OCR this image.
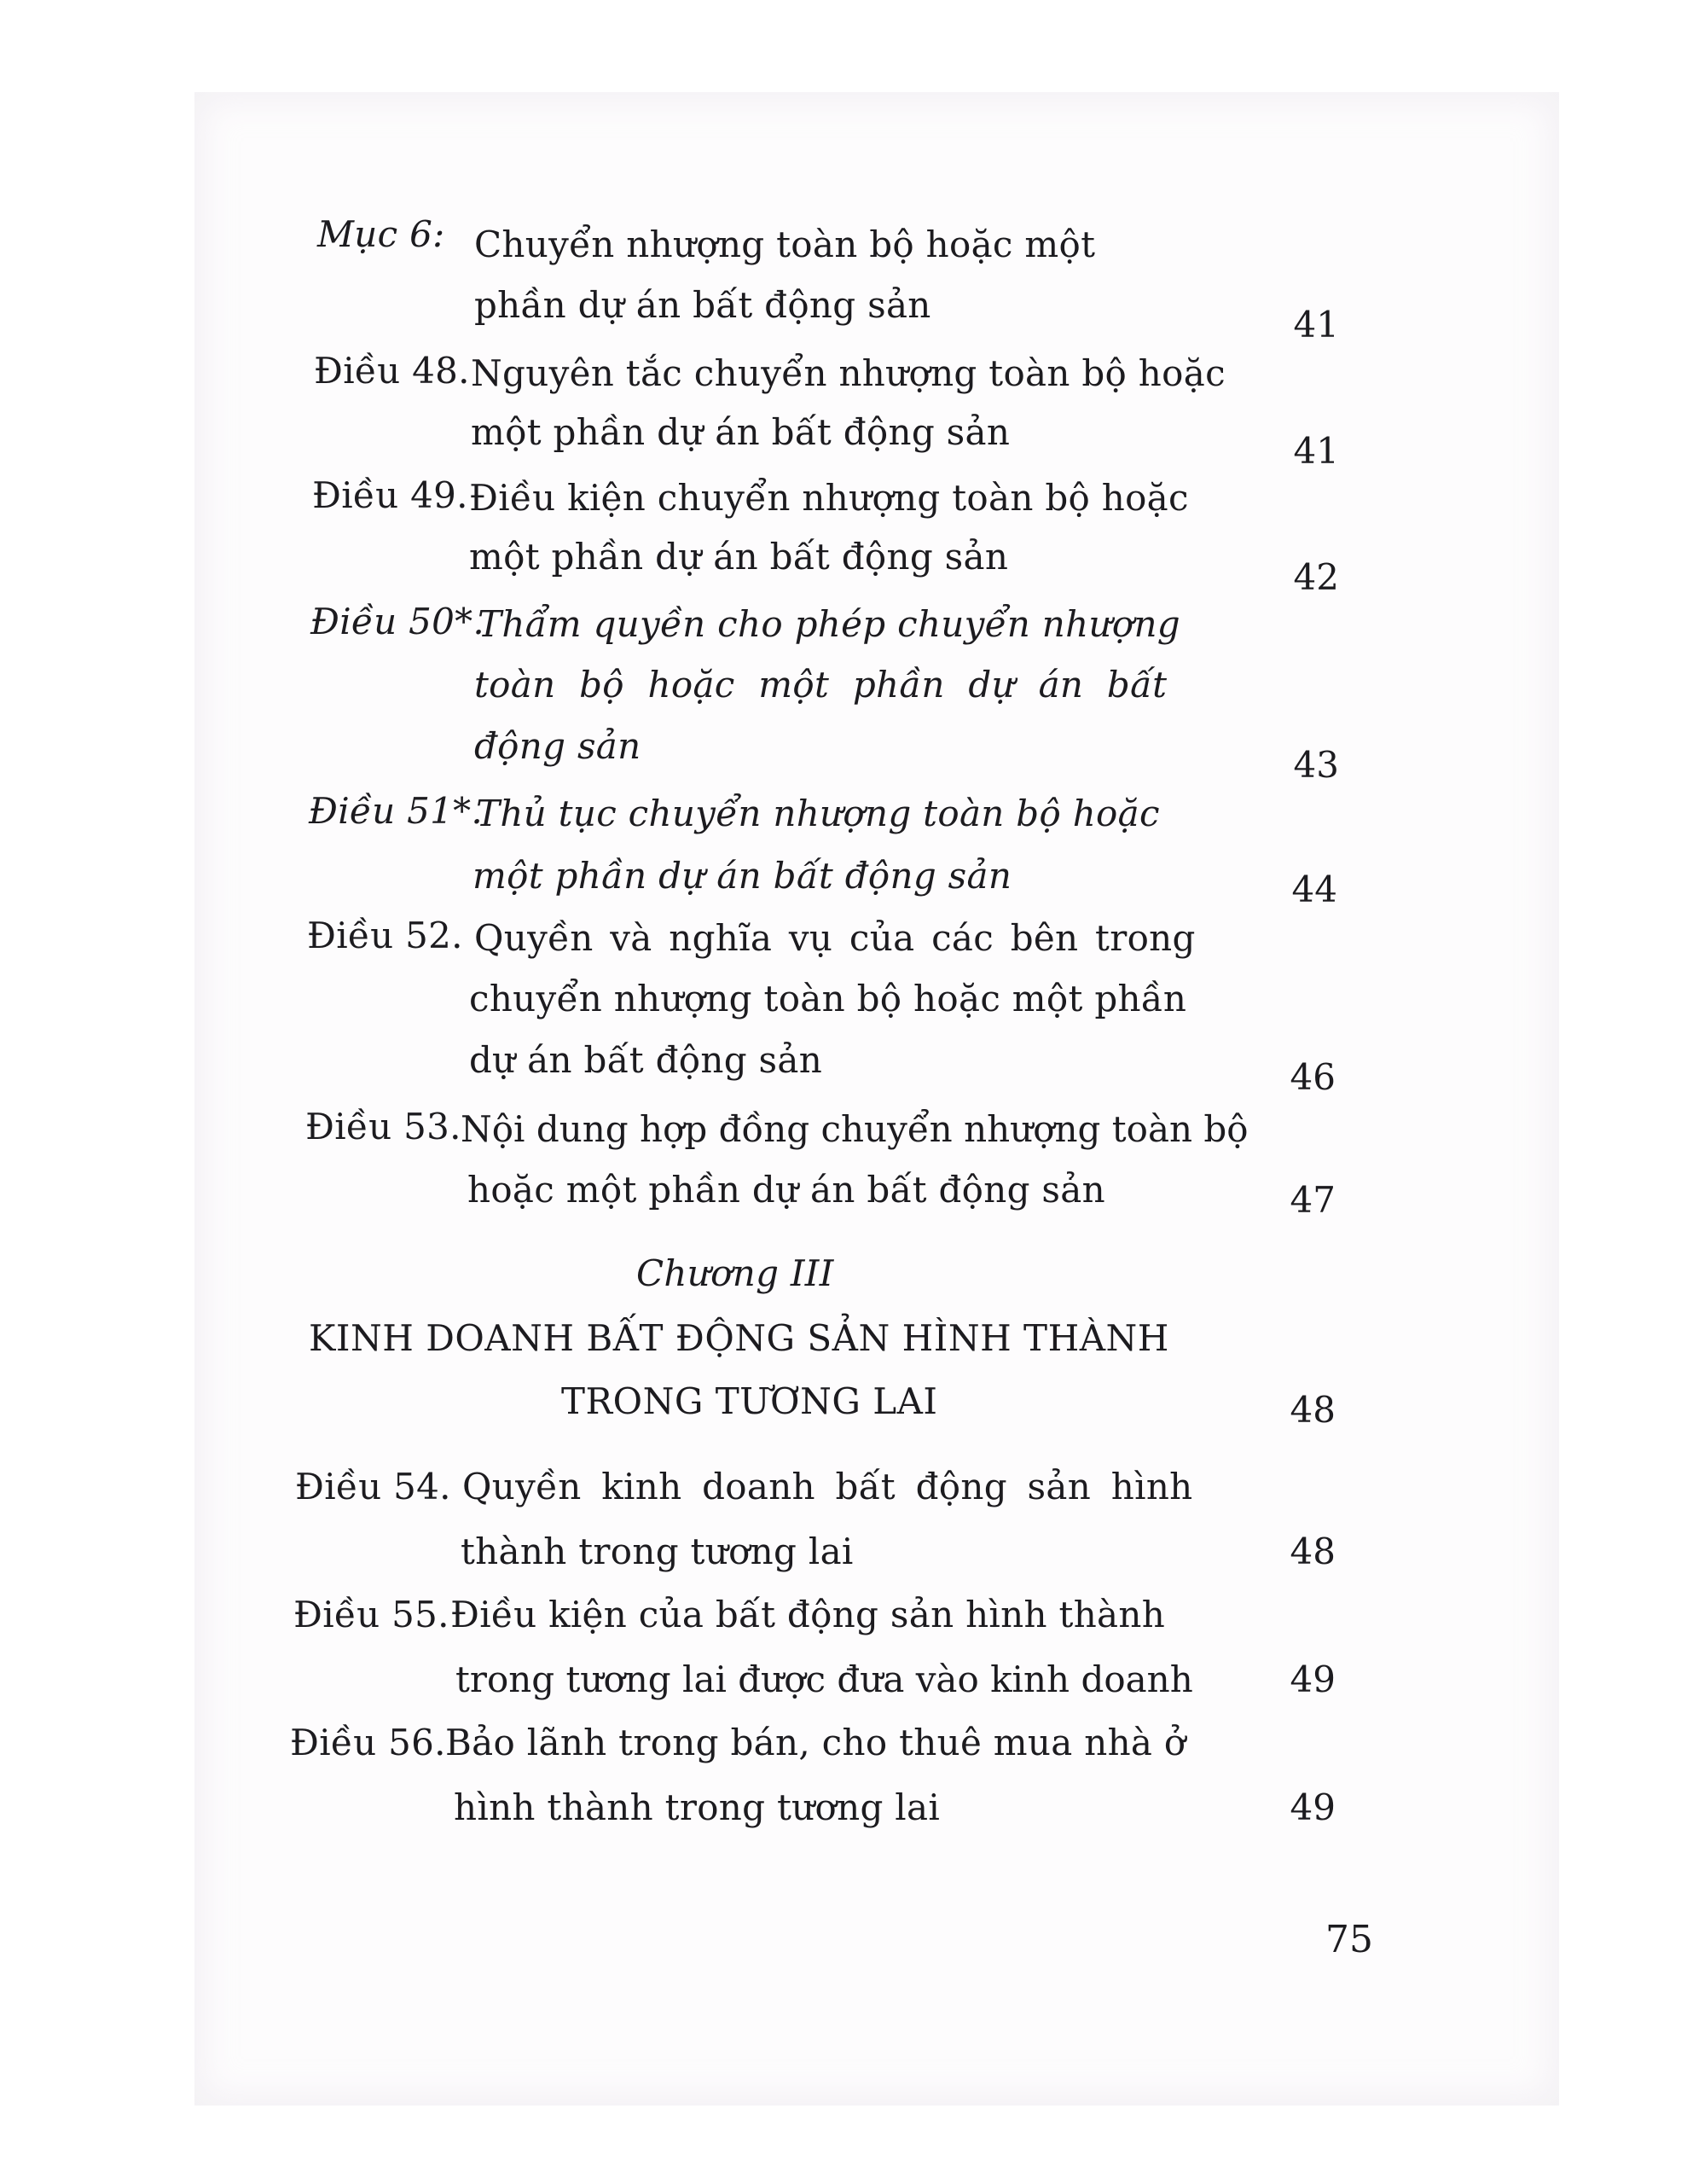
Mục 6: Chuyển nhượng toàn bộ hoặc một
phần dự án bất động sản	41
Điều 48. Nguyên tắc chuyển nhượng toàn bộ hoặc
một phần dự án bất động sản	41
Điều 49. Điều kiện chuyển nhượng toàn bộ hoặc
một phần dự án bất động sản	42
Điều 50*.
Thẩm quyền cho phép chuyển nhượng
toàn bộ hoặc một phần dự án bất
động sản	43
Điều 51*.
Thủ tục chuyển nhượng toàn bộ hoặc
một phần dự án bất động sản	44
Điều 52. Quyền và nghĩa vụ của các bên trong
chuyển nhượng toàn bộ hoặc một phần
dự án bất động sản	46
Điều 53. Nội dung hợp đồng chuyển nhượng toàn bộ
hoặc một phần dự án bất động sản	47
Chương III
KINH DOANH BẤT ĐỘNG SẢN HÌNH THÀNH
TRONG TƯƠNG LAI	48
Điều 54. Quyền kinh doanh bất động sản hình
thành trong tương lai	48
Điều 55. Điều kiện của bất động sản hình thành
trong tương lai được đưa vào kinh doanh	49
Điều 56. Bảo lãnh trong bán, cho thuê mua nhà ở
hình thành trong tương lai	49
75
